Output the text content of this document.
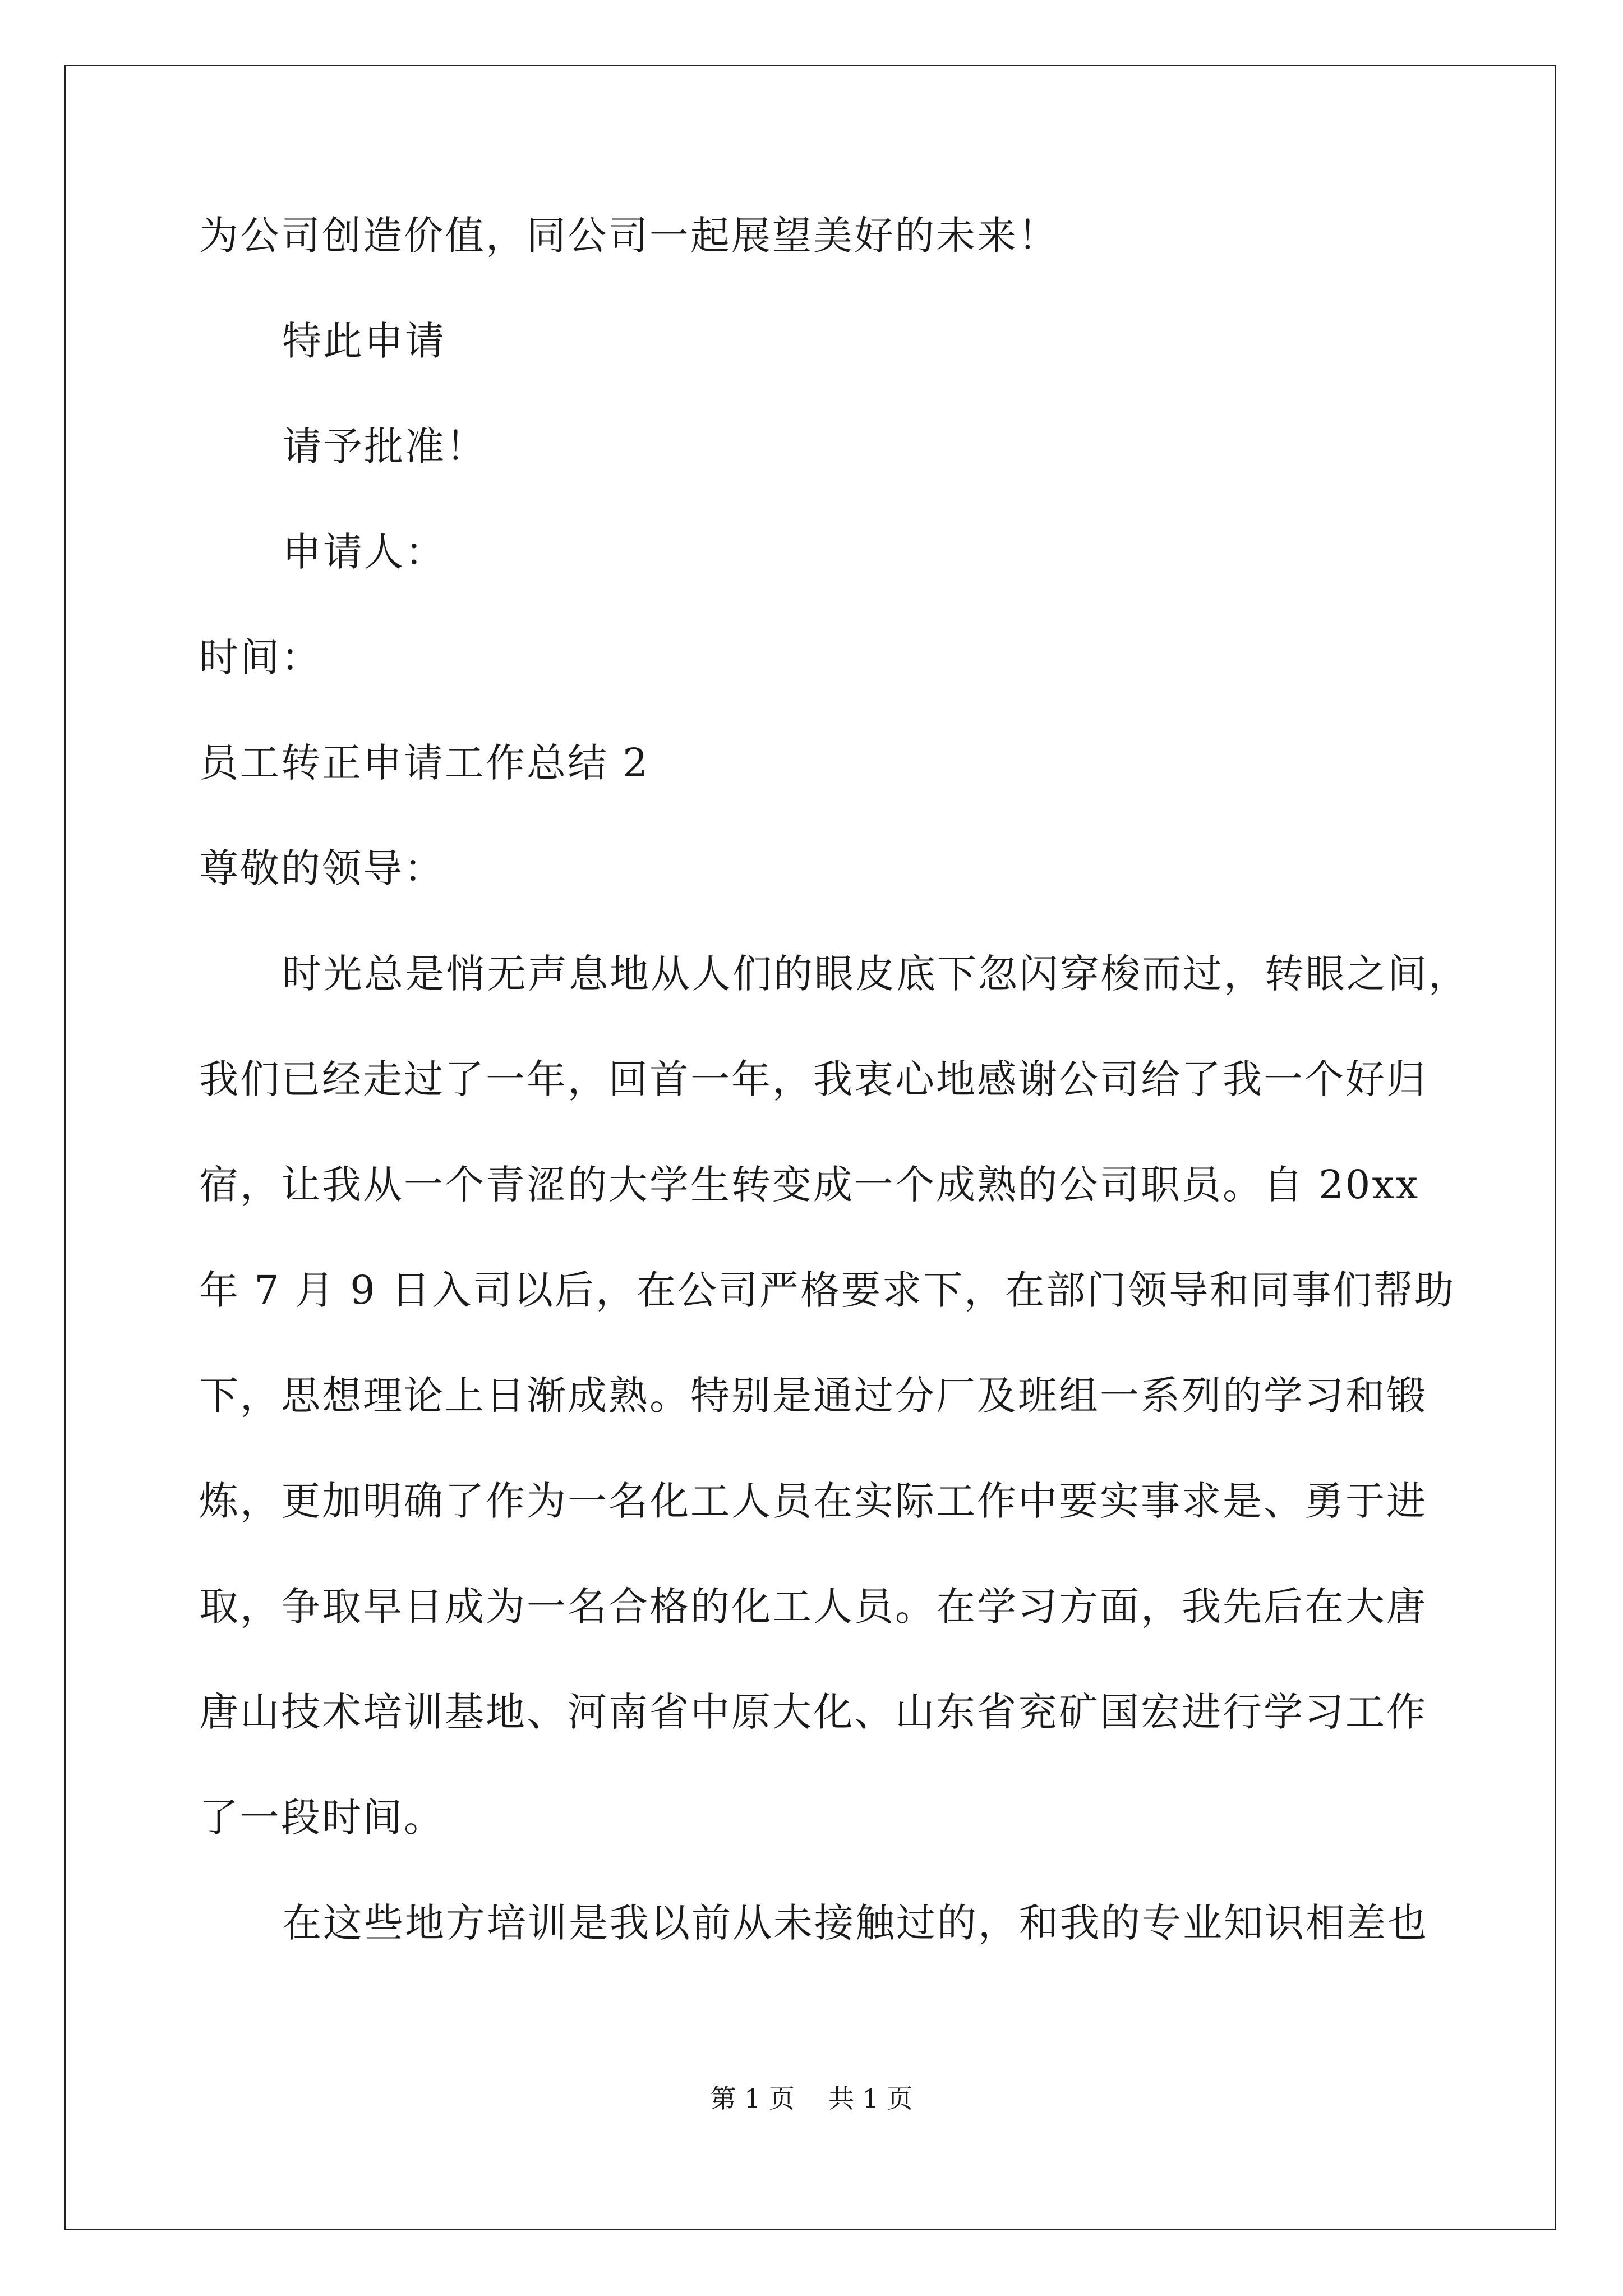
为公司创造价值，同公司一起展望美好的未来！
特此申请
请予批准！
申请人：
时间：
员工转正申请工作总结 2
尊敬的领导：
时光总是悄无声息地从人们的眼皮底下忽闪穿梭而过，转眼之间，
我们已经走过了一年，回首一年，我衷心地感谢公司给了我一个好归
宿，让我从一个青涩的大学生转变成一个成熟的公司职员。自 20xx
年 7 月 9 日入司以后，在公司严格要求下，在部门领导和同事们帮助
下，思想理论上日渐成熟。特别是通过分厂及班组一系列的学习和锻
炼，更加明确了作为一名化工人员在实际工作中要实事求是、勇于进
取，争取早日成为一名合格的化工人员。在学习方面，我先后在大唐
唐山技术培训基地、河南省中原大化、山东省兖矿国宏进行学习工作
了一段时间。
在这些地方培训是我以前从未接触过的，和我的专业知识相差也
第 1 页 共 1 页
